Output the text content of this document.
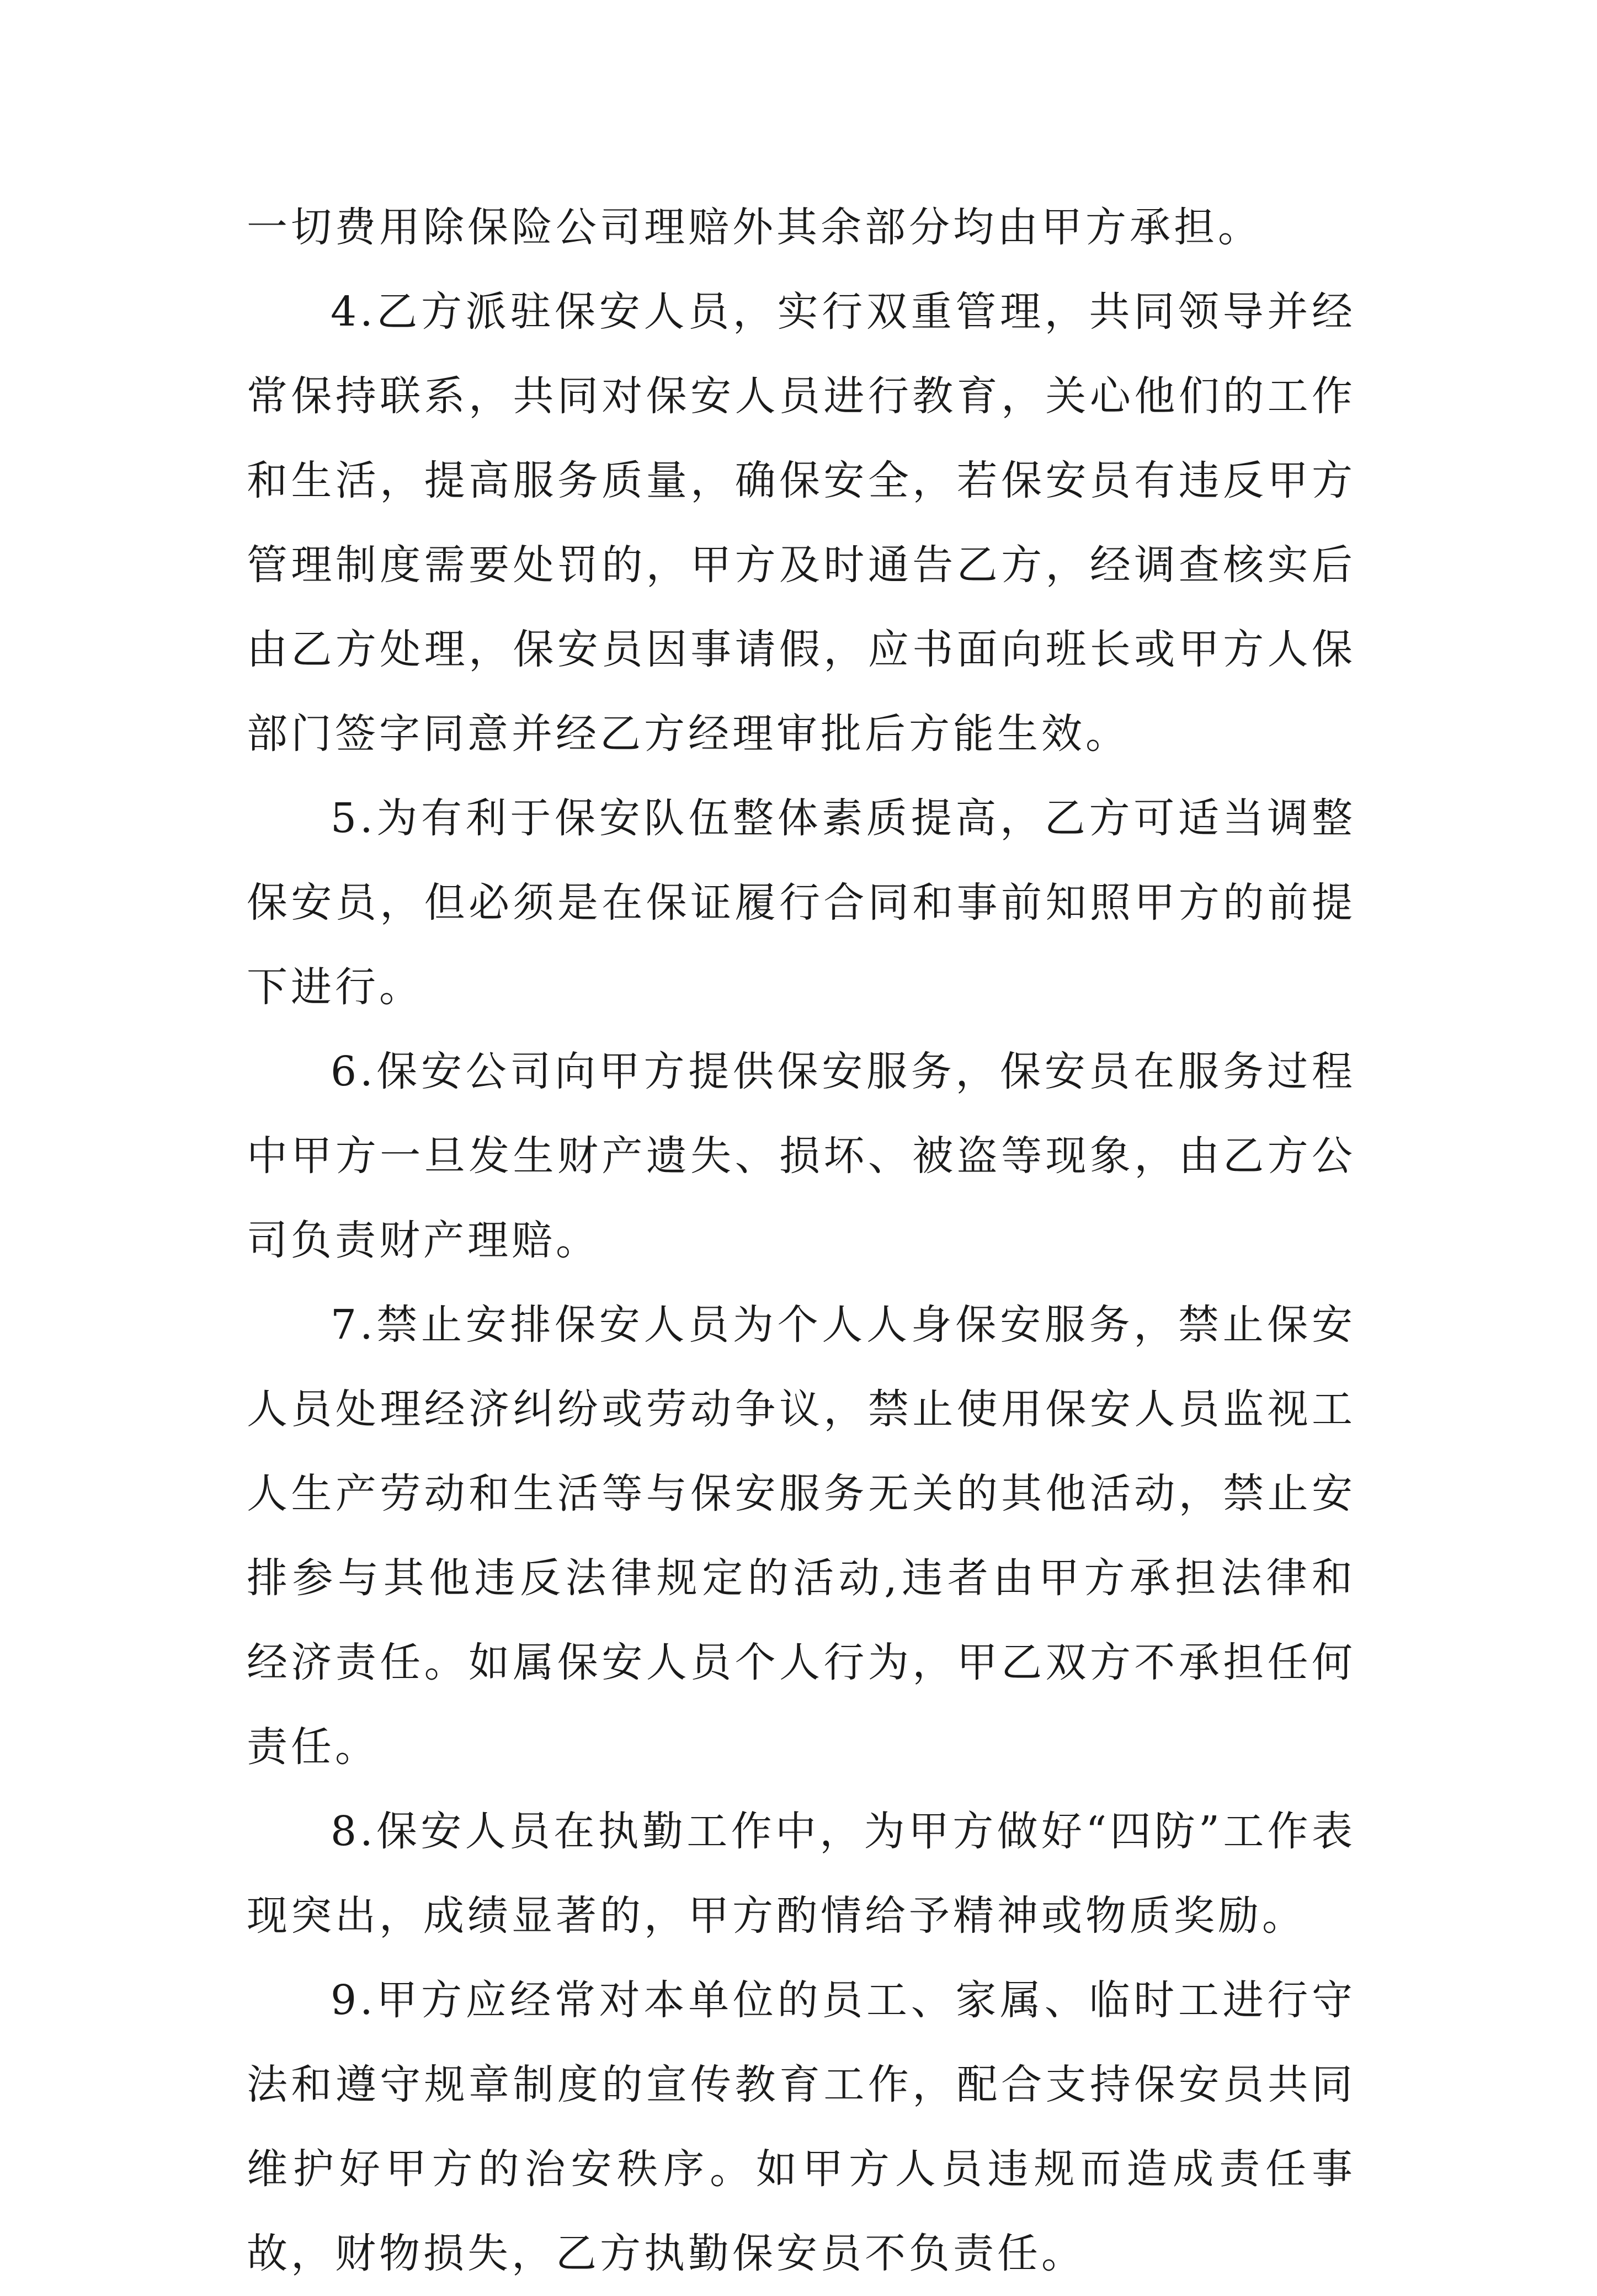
一切费用除保险公司理赔外其余部分均由甲方承担。

4.乙方派驻保安人员，实行双重管理，共同领导并经常保持联系，共同对保安人员进行教育，关心他们的工作和生活，提高服务质量，确保安全，若保安员有违反甲方管理制度需要处罚的，甲方及时通告乙方，经调查核实后由乙方处理，保安员因事请假，应书面向班长或甲方人保部门签字同意并经乙方经理审批后方能生效。

5.为有利于保安队伍整体素质提高，乙方可适当调整保安员，但必须是在保证履行合同和事前知照甲方的前提下进行。

6.保安公司向甲方提供保安服务，保安员在服务过程中甲方一旦发生财产遗失、损坏、被盗等现象，由乙方公司负责财产理赔。

7.禁止安排保安人员为个人人身保安服务，禁止保安人员处理经济纠纷或劳动争议，禁止使用保安人员监视工人生产劳动和生活等与保安服务无关的其他活动，禁止安排参与其他违反法律规定的活动,违者由甲方承担法律和经济责任。如属保安人员个人行为，甲乙双方不承担任何责任。

8.保安人员在执勤工作中，为甲方做好“四防”工作表现突出，成绩显著的，甲方酌情给予精神或物质奖励。

9.甲方应经常对本单位的员工、家属、临时工进行守法和遵守规章制度的宣传教育工作，配合支持保安员共同维护好甲方的治安秩序。如甲方人员违规而造成责任事故，财物损失，乙方执勤保安员不负责任。
